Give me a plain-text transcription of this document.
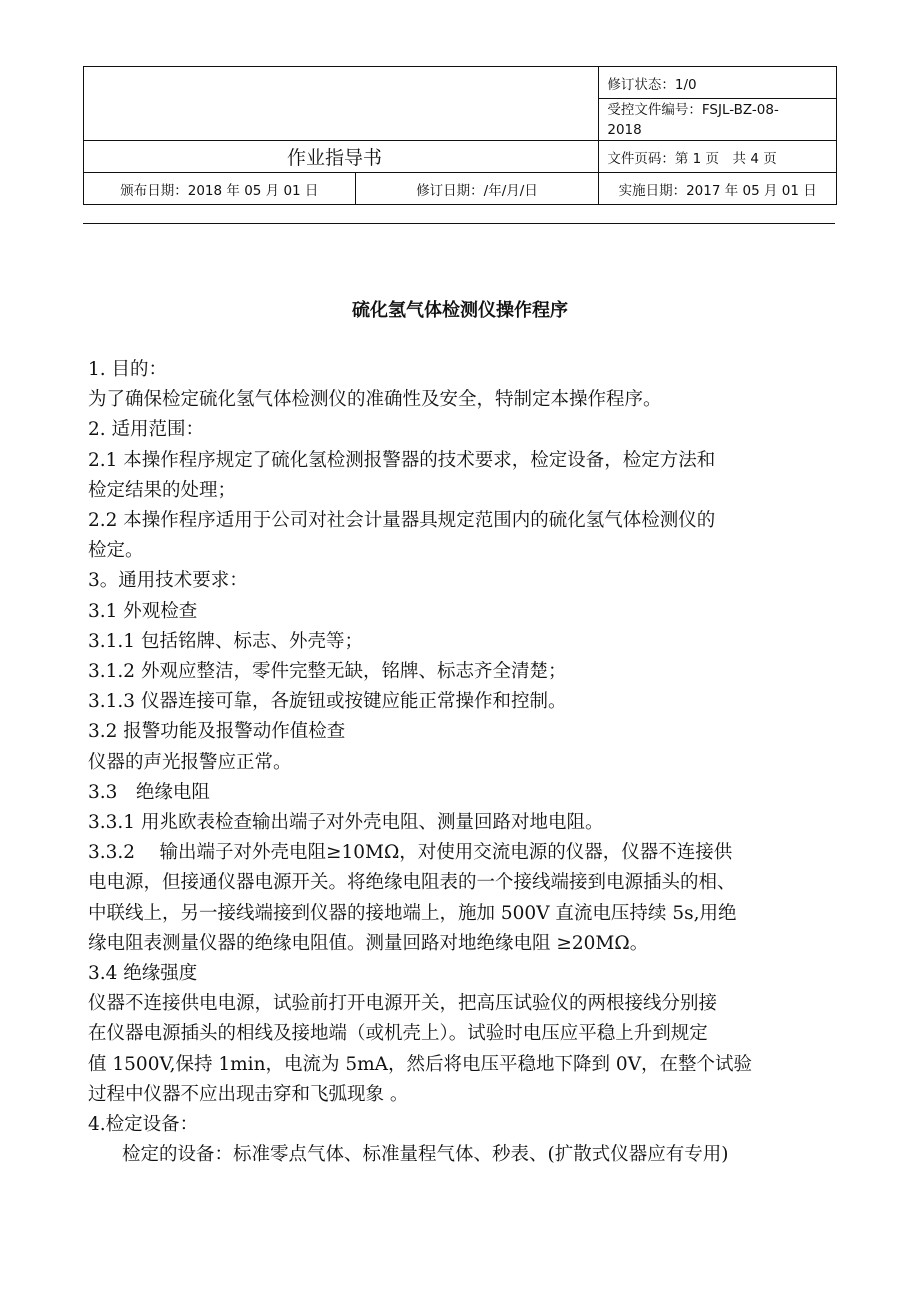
		修订状态：1/0
		受控文件编号：FSJL-BZ-08-
2018
作业指导书		文件页码：第 1 页　共 4 页
颁布日期：2018 年 05 月 01 日	修订日期：/年/月/日	实施日期：2017 年 05 月 01 日
硫化氢气体检测仪操作程序

1. 目的：

为了确保检定硫化氢气体检测仪的准确性及安全，特制定本操作程序。

2. 适用范围：

2.1 本操作程序规定了硫化氢检测报警器的技术要求，检定设备，检定方法和

检定结果的处理；

2.2 本操作程序适用于公司对社会计量器具规定范围内的硫化氢气体检测仪的

检定。

3。通用技术要求：

3.1 外观检查

3.1.1 包括铭牌、标志、外壳等；

3.1.2 外观应整洁，零件完整无缺，铭牌、标志齐全清楚；

3.1.3 仪器连接可靠，各旋钮或按键应能正常操作和控制。

3.2 报警功能及报警动作值检查

仪器的声光报警应正常。

3.3　绝缘电阻

3.3.1 用兆欧表检查输出端子对外壳电阻、测量回路对地电阻。

3.3.2　 输出端子对外壳电阻≥10MΩ，对使用交流电源的仪器，仪器不连接供

电电源，但接通仪器电源开关。将绝缘电阻表的一个接线端接到电源插头的相、

中联线上，另一接线端接到仪器的接地端上，施加 500V 直流电压持续 5s,用绝

缘电阻表测量仪器的绝缘电阻值。测量回路对地绝缘电阻 ≥20MΩ。

3.4 绝缘强度

仪器不连接供电电源，试验前打开电源开关，把高压试验仪的两根接线分别接

在仪器电源插头的相线及接地端（或机壳上）。试验时电压应平稳上升到规定

值 1500V,保持 1min，电流为 5mA，然后将电压平稳地下降到 0V，在整个试验

过程中仪器不应出现击穿和飞弧现象 。

4.检定设备：

检定的设备：标准零点气体、标准量程气体、秒表、(扩散式仪器应有专用)
